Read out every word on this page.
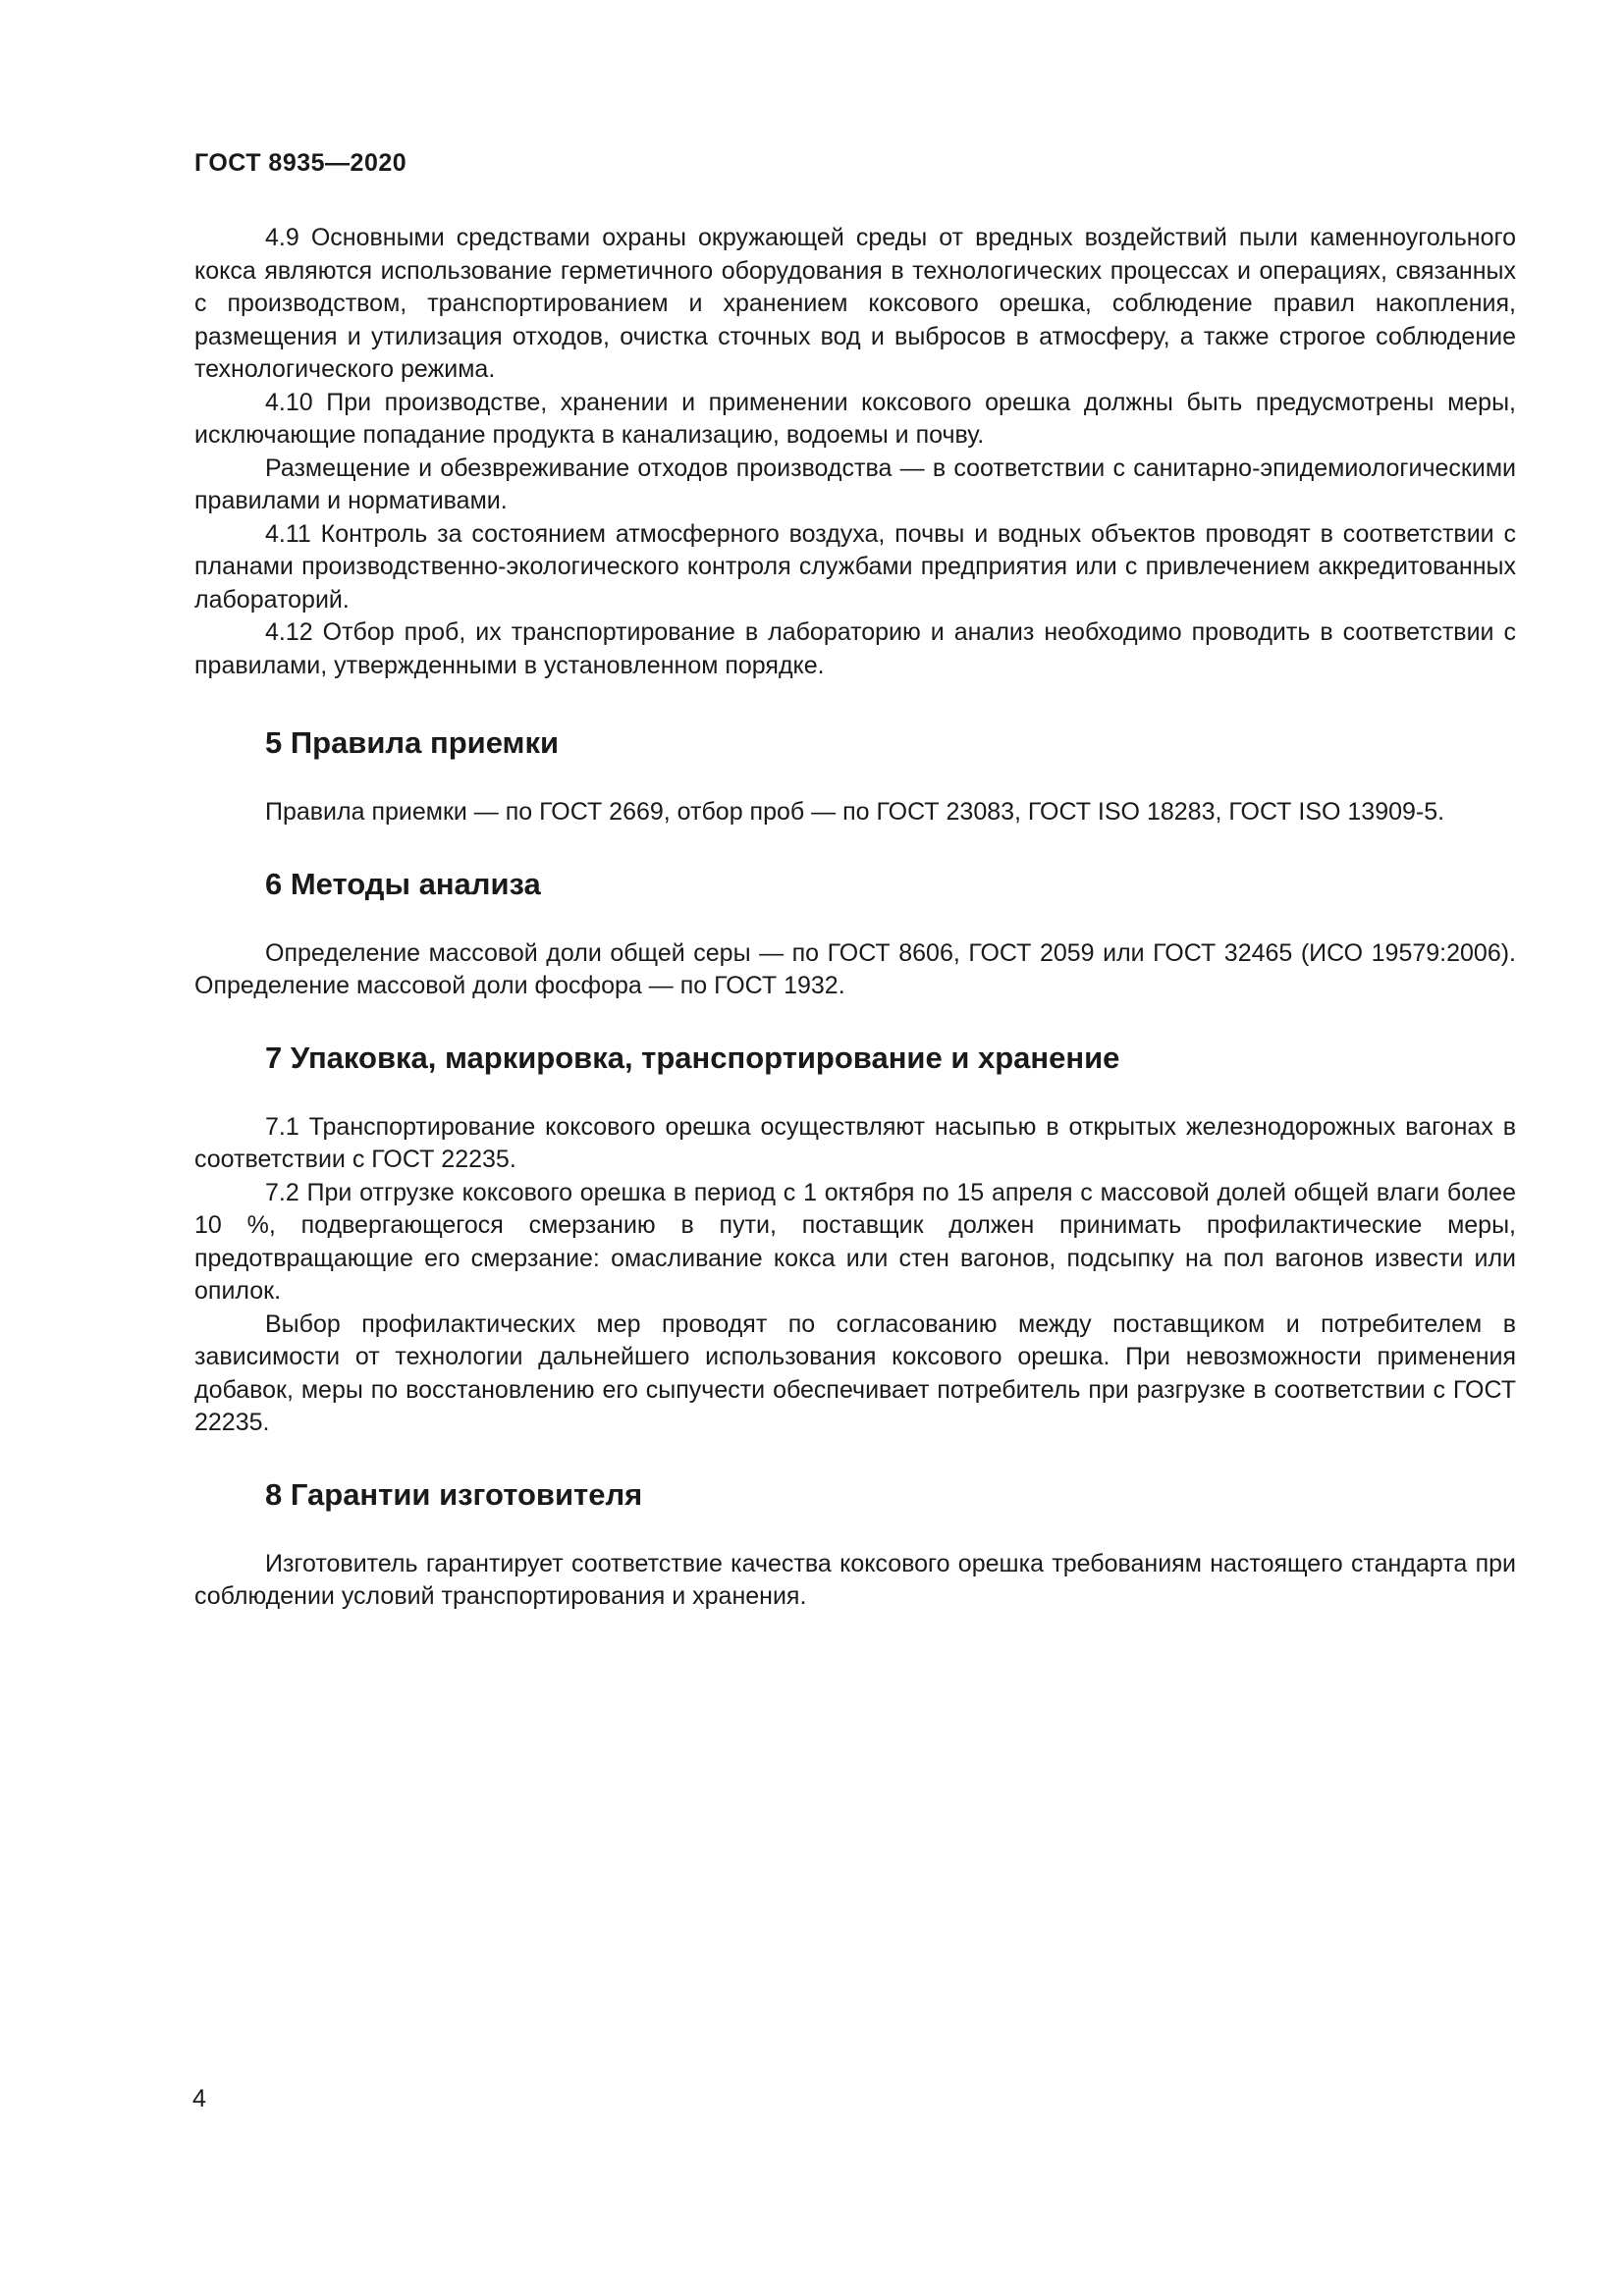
ГОСТ 8935—2020

4.9 Основными средствами охраны окружающей среды от вредных воздействий пыли каменноугольного кокса являются использование герметичного оборудования в технологических процессах и операциях, связанных с производством, транспортированием и хранением коксового орешка, соблюдение правил накопления, размещения и утилизация отходов, очистка сточных вод и выбросов в атмосферу, а также строгое соблюдение технологического режима.

4.10 При производстве, хранении и применении коксового орешка должны быть предусмотрены меры, исключающие попадание продукта в канализацию, водоемы и почву.

Размещение и обезвреживание отходов производства — в соответствии с санитарно-эпидемиологическими правилами и нормативами.

4.11 Контроль за состоянием атмосферного воздуха, почвы и водных объектов проводят в соответствии с планами производственно-экологического контроля службами предприятия или с привлечением аккредитованных лабораторий.

4.12 Отбор проб, их транспортирование в лабораторию и анализ необходимо проводить в соответствии с правилами, утвержденными в установленном порядке.

5 Правила приемки

Правила приемки — по ГОСТ 2669, отбор проб — по ГОСТ 23083, ГОСТ ISO 18283, ГОСТ ISO 13909-5.

6 Методы анализа

Определение массовой доли общей серы — по ГОСТ 8606, ГОСТ 2059 или ГОСТ 32465 (ИСО 19579:2006). Определение массовой доли фосфора — по ГОСТ 1932.

7 Упаковка, маркировка, транспортирование и хранение

7.1 Транспортирование коксового орешка осуществляют насыпью в открытых железнодорожных вагонах в соответствии с ГОСТ 22235.

7.2 При отгрузке коксового орешка в период с 1 октября по 15 апреля с массовой долей общей влаги более 10 %, подвергающегося смерзанию в пути, поставщик должен принимать профилактические меры, предотвращающие его смерзание: омасливание кокса или стен вагонов, подсыпку на пол вагонов извести или опилок.

Выбор профилактических мер проводят по согласованию между поставщиком и потребителем в зависимости от технологии дальнейшего использования коксового орешка. При невозможности применения добавок, меры по восстановлению его сыпучести обеспечивает потребитель при разгрузке в соответствии с ГОСТ 22235.

8 Гарантии изготовителя

Изготовитель гарантирует соответствие качества коксового орешка требованиям настоящего стандарта при соблюдении условий транспортирования и хранения.

4
